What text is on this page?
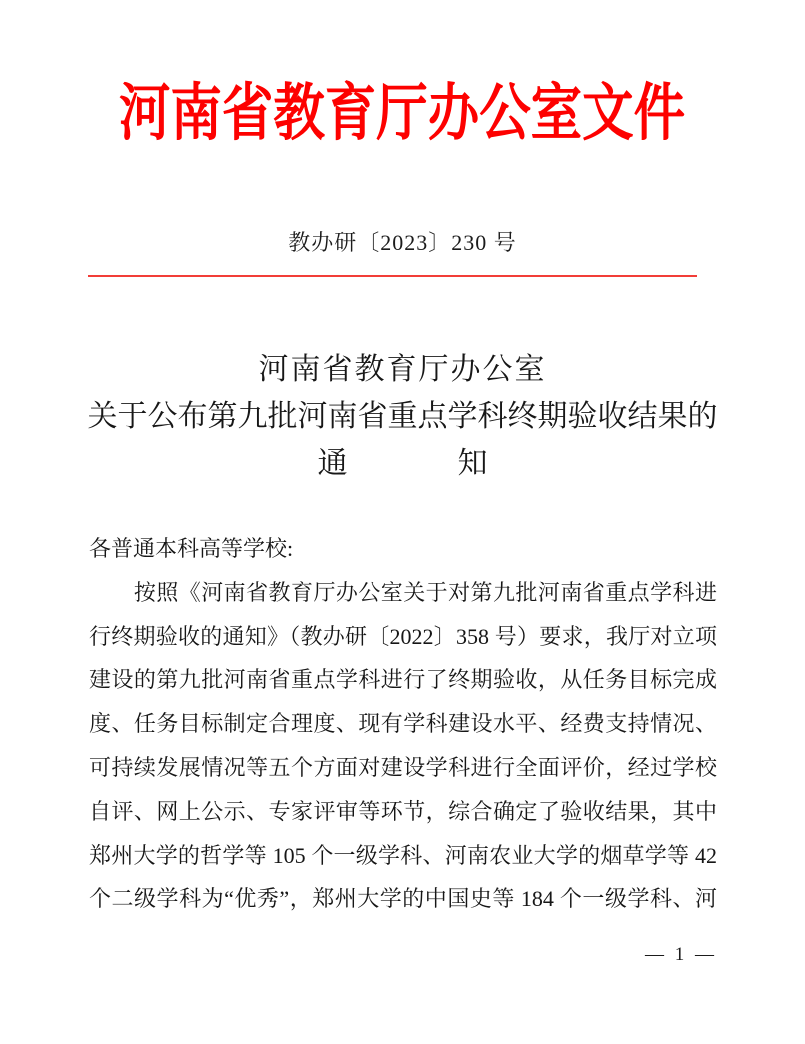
河南省教育厅办公室文件
教办研〔2023〕230 号
河南省教育厅办公室
关于公布第九批河南省重点学科终期验收结果的
通	知
各普通本科高等学校:
　　按照《河南省教育厅办公室关于对第九批河南省重点学科进
行终期验收的通知》（教办研〔2022〕358 号）要求，我厅对立项
建设的第九批河南省重点学科进行了终期验收，从任务目标完成
度、任务目标制定合理度、现有学科建设水平、经费支持情况、
可持续发展情况等五个方面对建设学科进行全面评价，经过学校
自评、网上公示、专家评审等环节，综合确定了验收结果，其中
郑州大学的哲学等 105 个一级学科、河南农业大学的烟草学等 42
个二级学科为“优秀”，郑州大学的中国史等 184 个一级学科、河
— 1 —
